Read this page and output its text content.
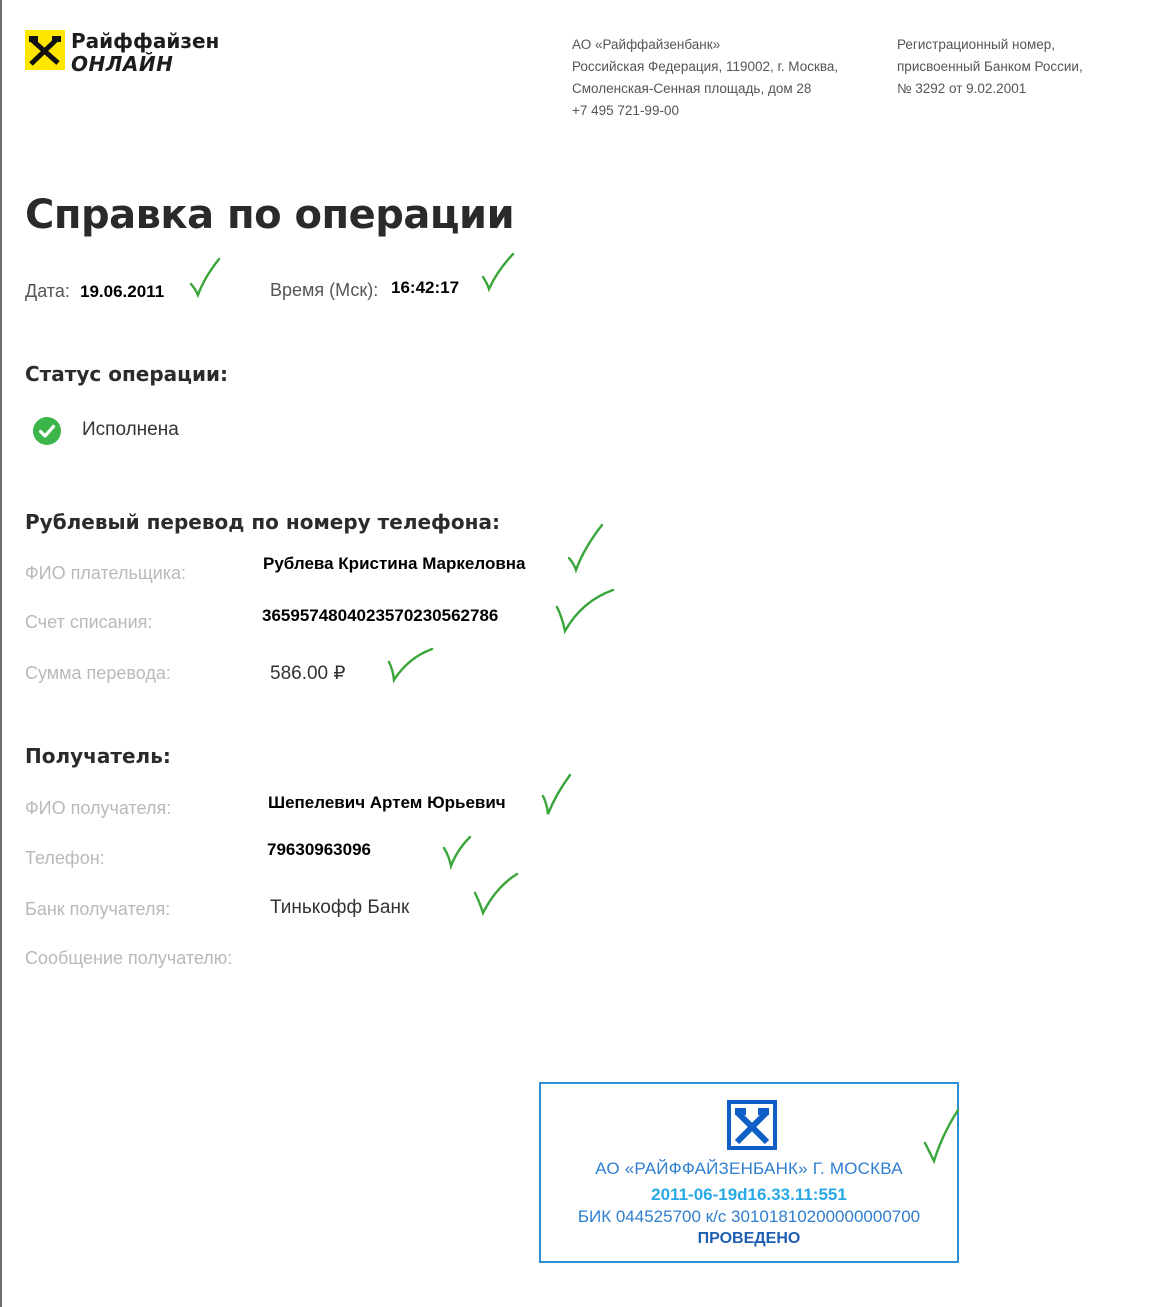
Райффайзен
ОНЛАЙН
АО «Райффайзенбанк»
Российская Федерация, 119002, г. Москва,
Смоленская-Сенная площадь, дом 28
+7 495 721-99-00
Регистрационный номер,
присвоенный Банком России,
№ 3292 от 9.02.2001
Справка по операции
Дата: 19.06.2011	Время (Мск): 16:42:17
Статус операции:
Исполнена
Рублевый перевод по номеру телефона:
ФИО плательщика:	Рублева Кристина Маркеловна
Счет списания:	36595748040235702305627​86
Сумма перевода:	586.00 ₽
Получатель:
ФИО получателя:	Шепелевич Артем Юрьевич
Телефон:	79630963096
Банк получателя:	Тинькофф Банк
Сообщение получателю:
АО «РАЙФФАЙЗЕНБАНК» Г. МОСКВА
2011-06-19d16.33.11:551
БИК 044525700 к/с 30101810200000000700
ПРОВЕДЕНО
